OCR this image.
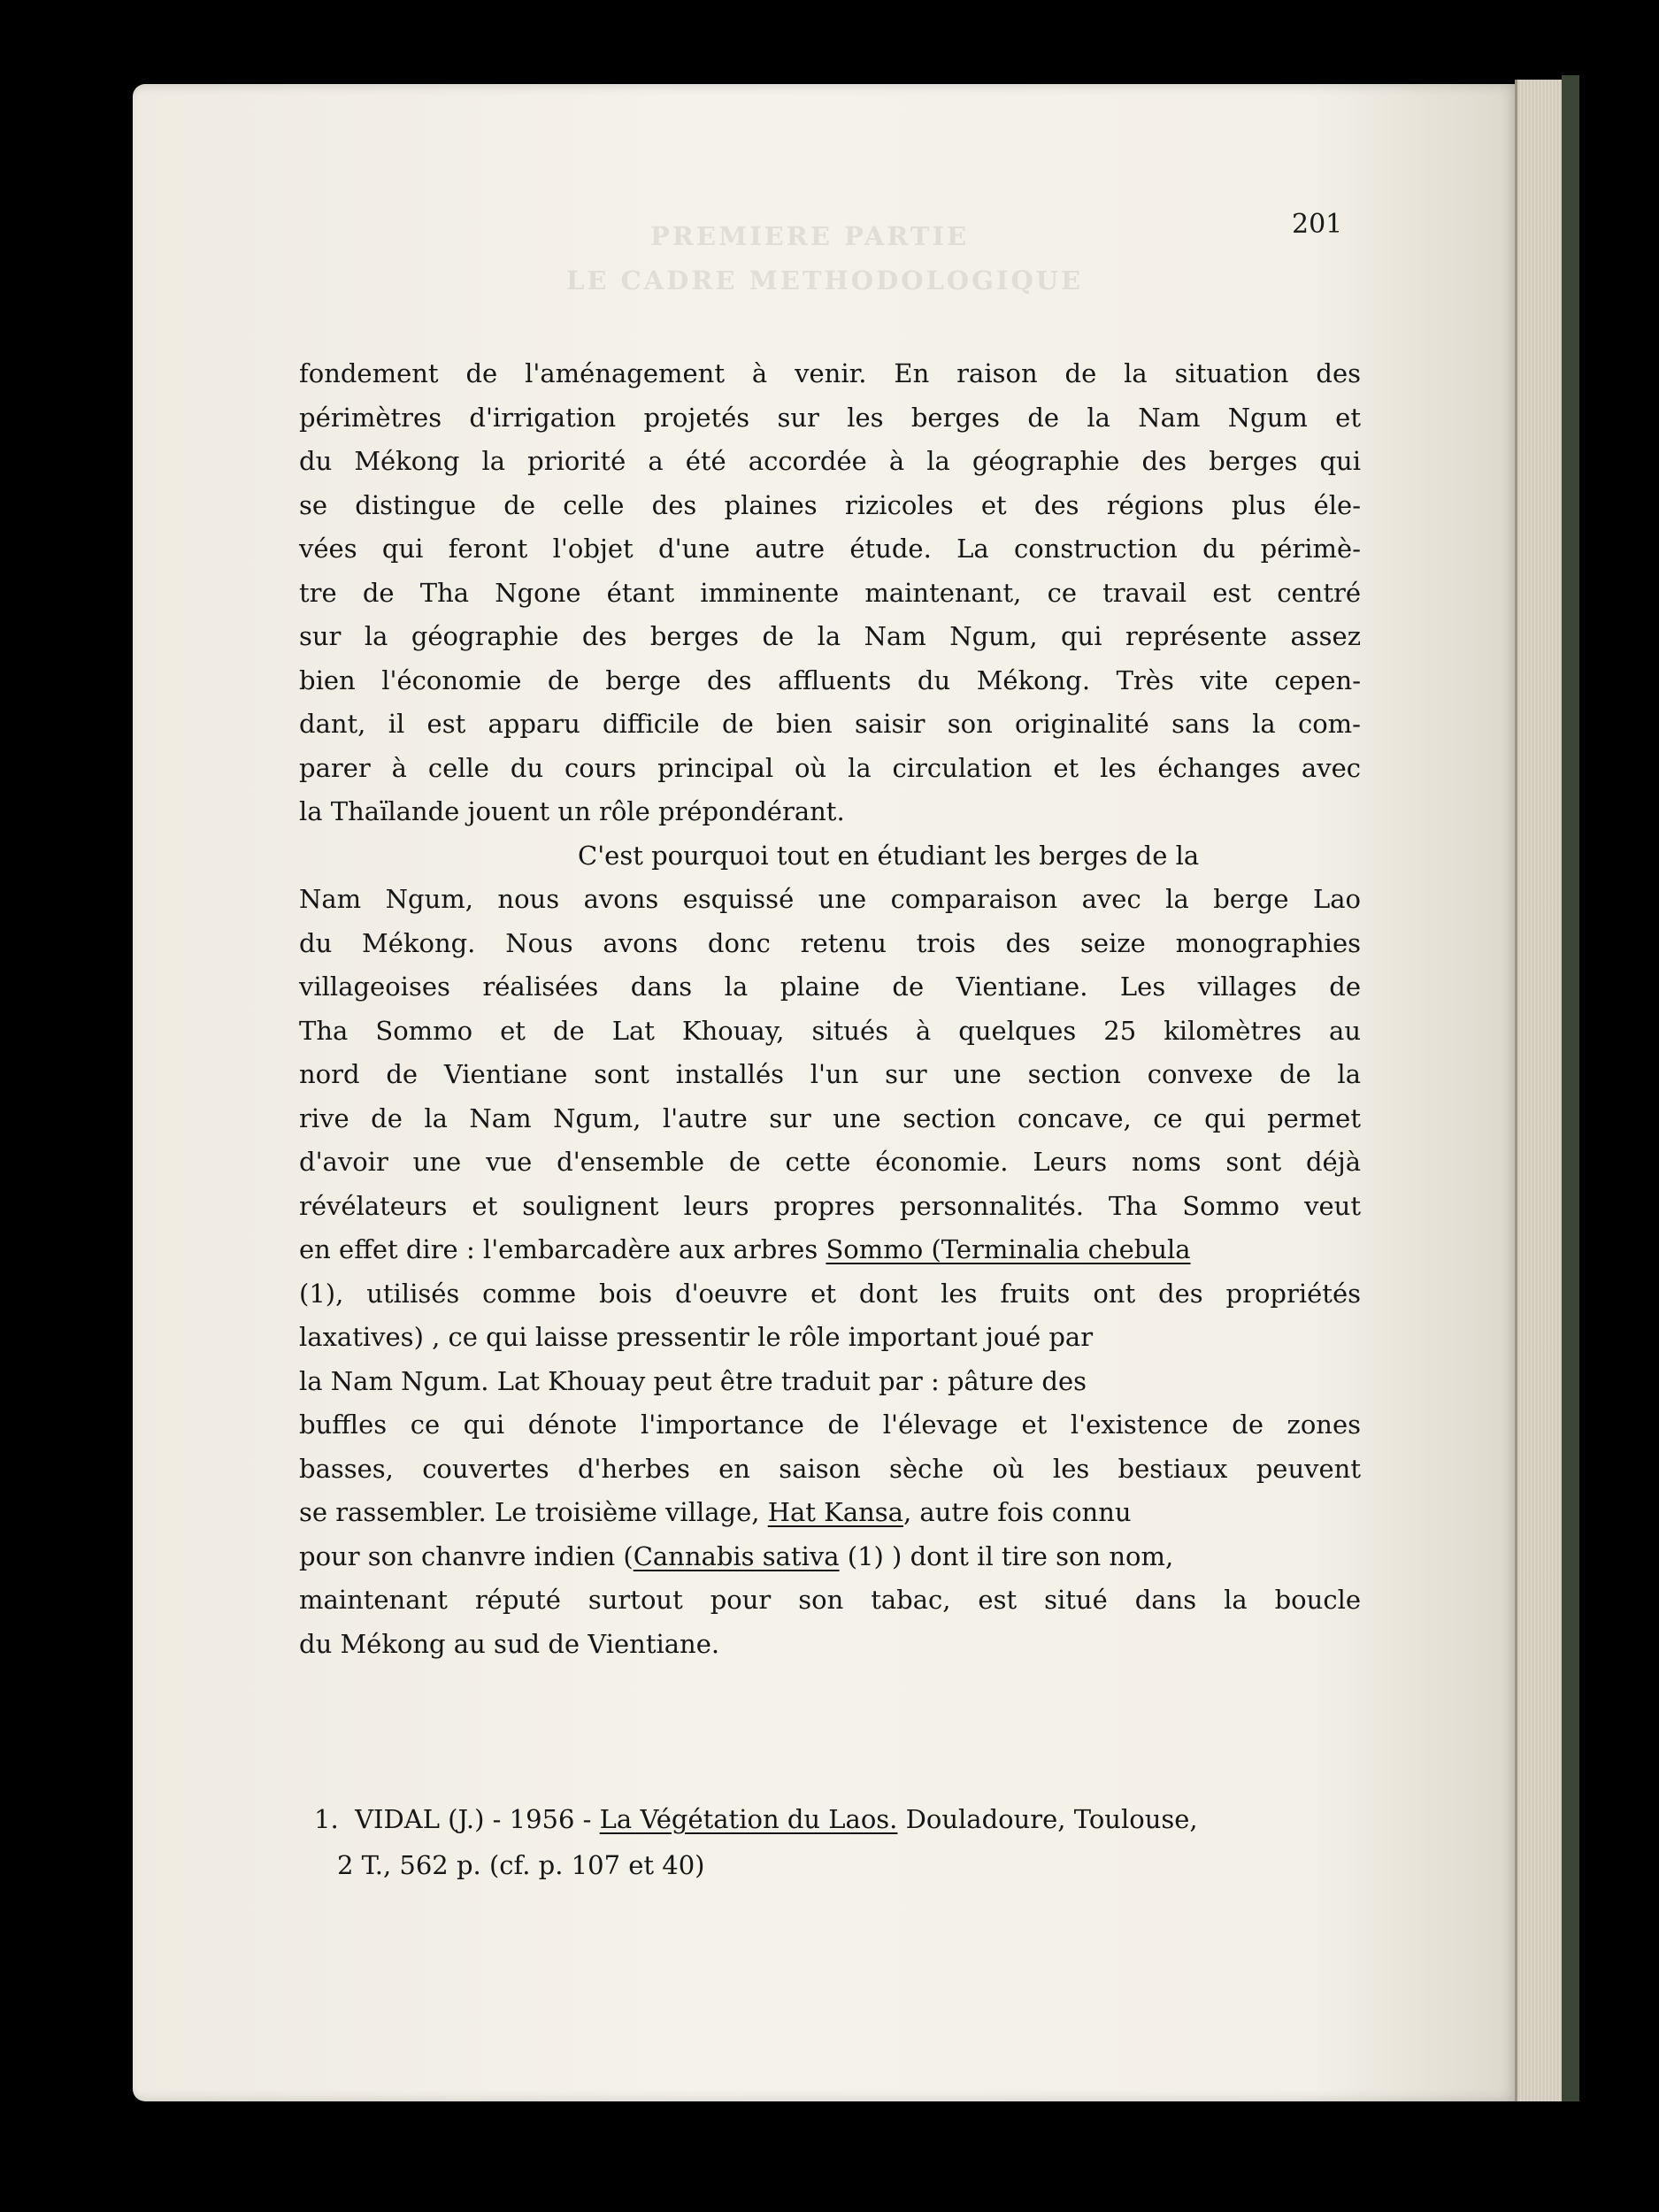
PREMIERE PARTIE
LE CADRE METHODOLOGIQUE
201
fondement de l'aménagement à venir. En raison de la situation des
périmètres d'irrigation projetés sur les berges de la Nam Ngum et
du Mékong la priorité a été accordée à la géographie des berges qui
se distingue de celle des plaines rizicoles et des régions plus éle-
vées qui feront l'objet d'une autre étude. La construction du périmè-
tre de Tha Ngone étant imminente maintenant, ce travail est centré
sur la géographie des berges de la Nam Ngum, qui représente assez
bien l'économie de berge des affluents du Mékong. Très vite cepen-
dant, il est apparu difficile de bien saisir son originalité sans la com-
parer à celle du cours principal où la circulation et les échanges avec
la Thaïlande jouent un rôle prépondérant.
C'est pourquoi tout en étudiant les berges de la
Nam Ngum, nous avons esquissé une comparaison avec la berge Lao
du Mékong. Nous avons donc retenu trois des seize monographies
villageoises réalisées dans la plaine de Vientiane. Les villages de
Tha Sommo et de Lat Khouay, situés à quelques 25 kilomètres au
nord de Vientiane sont installés l'un sur une section convexe de la
rive de la Nam Ngum, l'autre sur une section concave, ce qui permet
d'avoir une vue d'ensemble de cette économie. Leurs noms sont déjà
révélateurs et soulignent leurs propres personnalités. Tha Sommo veut
en effet dire : l'embarcadère aux arbres Sommo (Terminalia chebula
(1), utilisés comme bois d'oeuvre et dont les fruits ont des propriétés
laxatives) , ce qui laisse pressentir le rôle important joué par
la Nam Ngum. Lat Khouay peut être traduit par : pâture des
buffles ce qui dénote l'importance de l'élevage et l'existence de zones
basses, couvertes d'herbes en saison sèche où les bestiaux peuvent
se rassembler. Le troisième village, Hat Kansa, autre fois connu
pour son chanvre indien (Cannabis sativa (1) ) dont il tire son nom,
maintenant réputé surtout pour son tabac, est situé dans la boucle
du Mékong au sud de Vientiane.
1. VIDAL (J.) - 1956 - La Végétation du Laos. Douladoure, Toulouse,
2 T., 562 p. (cf. p. 107 et 40)
